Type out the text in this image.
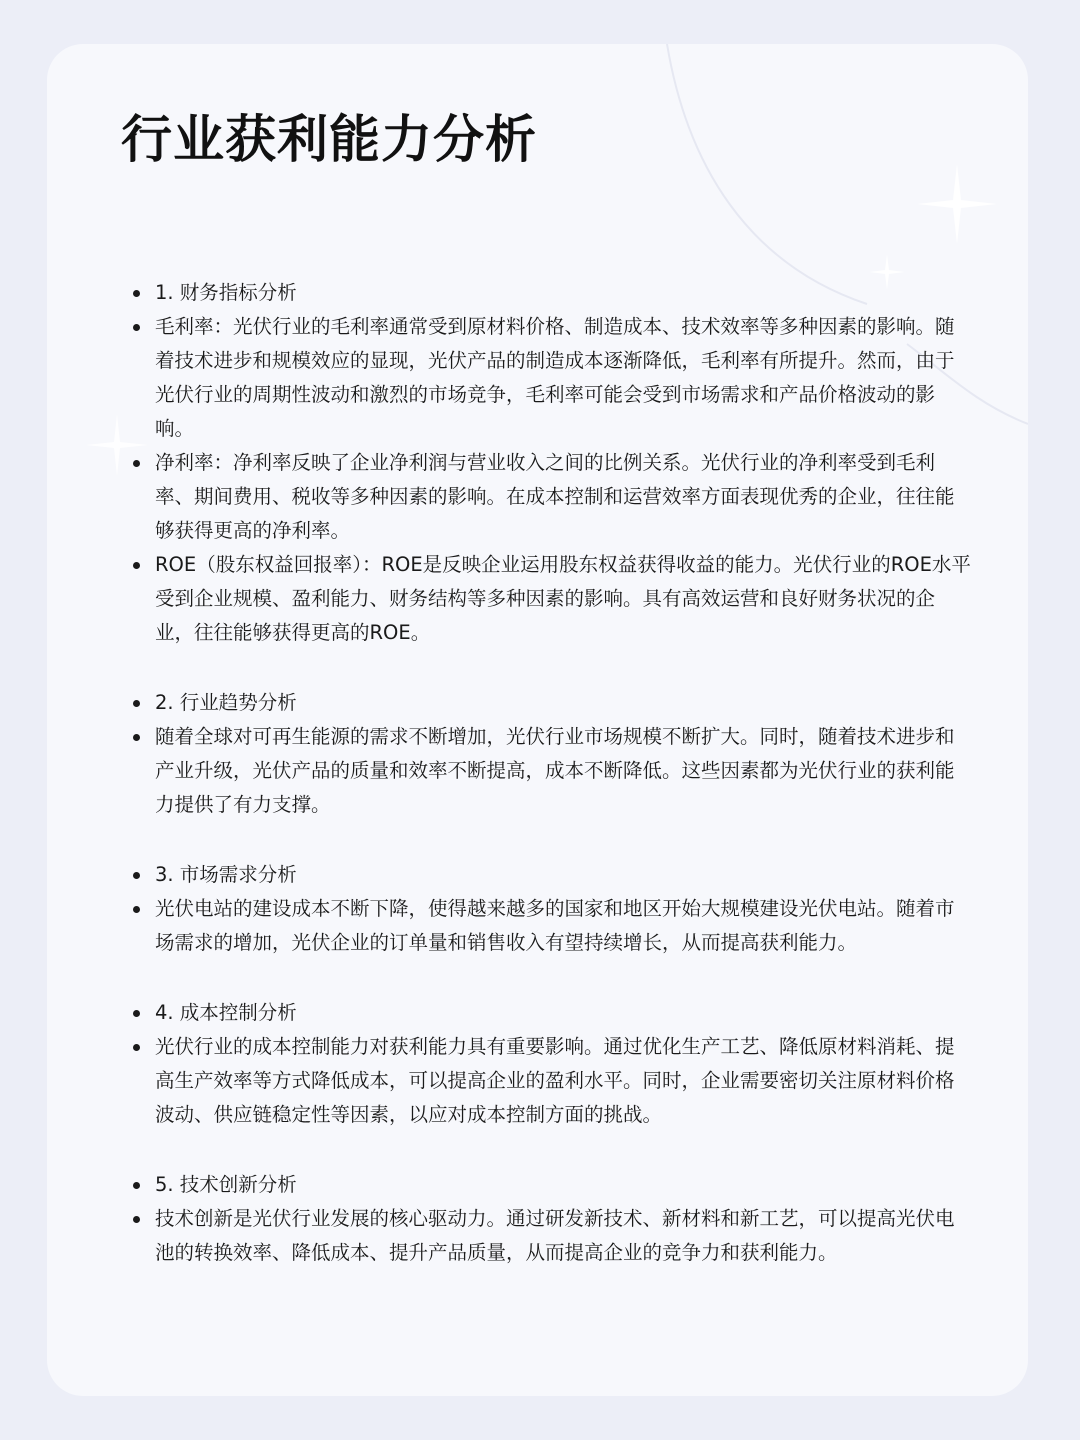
行业获利能力分析
1. 财务指标分析
毛利率：光伏行业的毛利率通常受到原材料价格、制造成本、技术效率等多种因素的影响。随着技术进步和规模效应的显现，光伏产品的制造成本逐渐降低，毛利率有所提升。然而，由于光伏行业的周期性波动和激烈的市场竞争，毛利率可能会受到市场需求和产品价格波动的影响。
净利率：净利率反映了企业净利润与营业收入之间的比例关系。光伏行业的净利率受到毛利率、期间费用、税收等多种因素的影响。在成本控制和运营效率方面表现优秀的企业，往往能够获得更高的净利率。
ROE（股东权益回报率）：ROE是反映企业运用股东权益获得收益的能力。光伏行业的ROE水平受到企业规模、盈利能力、财务结构等多种因素的影响。具有高效运营和良好财务状况的企业，往往能够获得更高的ROE。
2. 行业趋势分析
随着全球对可再生能源的需求不断增加，光伏行业市场规模不断扩大。同时，随着技术进步和产业升级，光伏产品的质量和效率不断提高，成本不断降低。这些因素都为光伏行业的获利能力提供了有力支撑。
3. 市场需求分析
光伏电站的建设成本不断下降，使得越来越多的国家和地区开始大规模建设光伏电站。随着市场需求的增加，光伏企业的订单量和销售收入有望持续增长，从而提高获利能力。
4. 成本控制分析
光伏行业的成本控制能力对获利能力具有重要影响。通过优化生产工艺、降低原材料消耗、提高生产效率等方式降低成本，可以提高企业的盈利水平。同时，企业需要密切关注原材料价格波动、供应链稳定性等因素，以应对成本控制方面的挑战。
5. 技术创新分析
技术创新是光伏行业发展的核心驱动力。通过研发新技术、新材料和新工艺，可以提高光伏电池的转换效率、降低成本、提升产品质量，从而提高企业的竞争力和获利能力。
